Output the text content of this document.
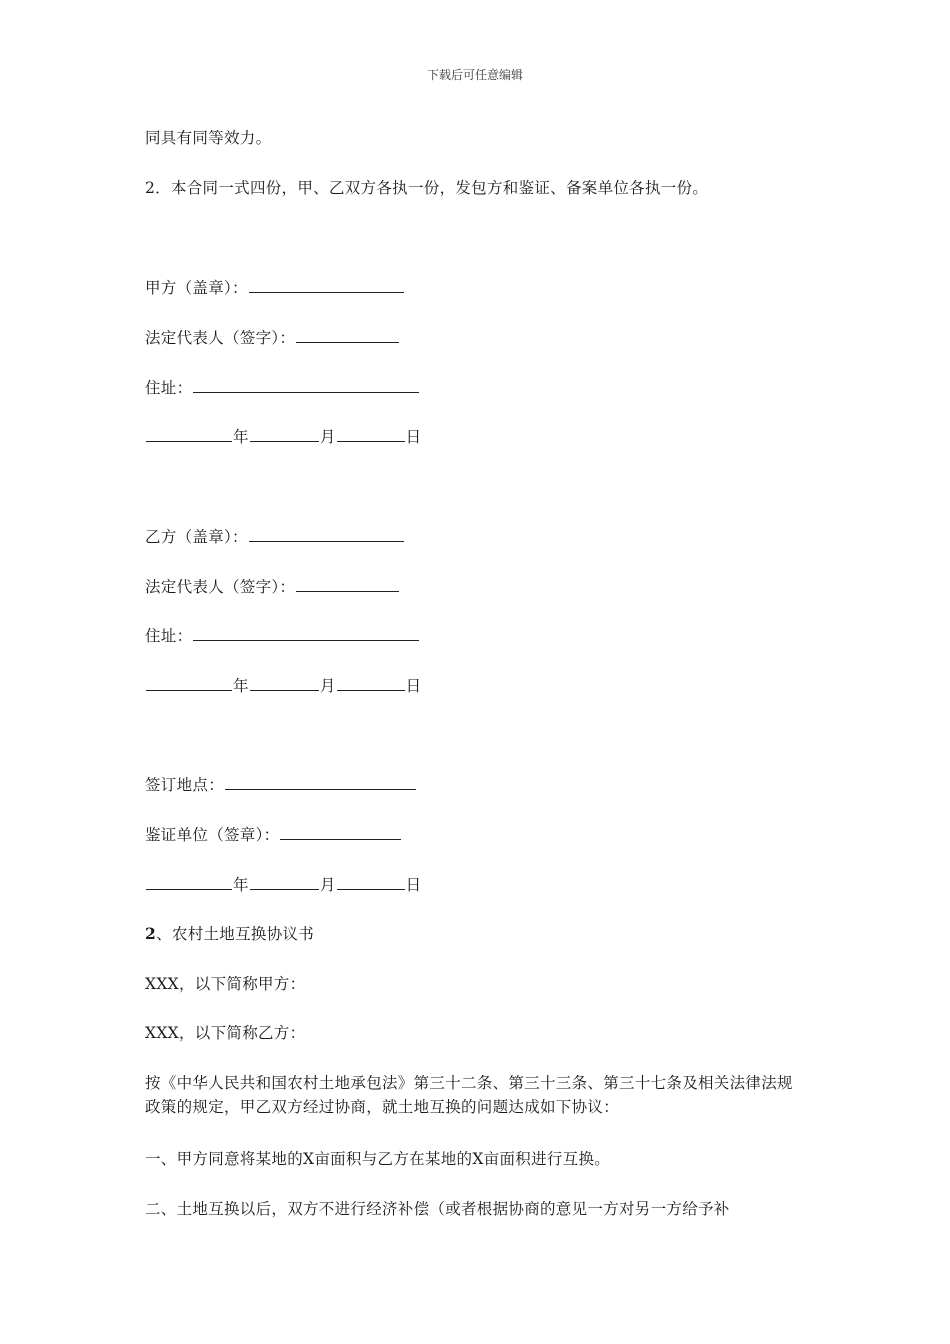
下载后可任意编辑
同具有同等效力。
2．本合同一式四份，甲、乙双方各执一份，发包方和鉴证、备案单位各执一份。
甲方（盖章）：
法定代表人（签字）：
住址：
年	月	日
乙方（盖章）：
法定代表人（签字）：
住址：
年	月	日
签订地点：
鉴证单位（签章）：
年	月	日
2、农村土地互换协议书
XXX，以下简称甲方：
XXX，以下简称乙方：
按《中华人民共和国农村土地承包法》第三十二条、第三十三条、第三十七条及相关法律法规政策的规定，甲乙双方经过协商，就土地互换的问题达成如下协议：
一、甲方同意将某地的X亩面积与乙方在某地的X亩面积进行互换。
二、土地互换以后，双方不进行经济补偿（或者根据协商的意见一方对另一方给予补
